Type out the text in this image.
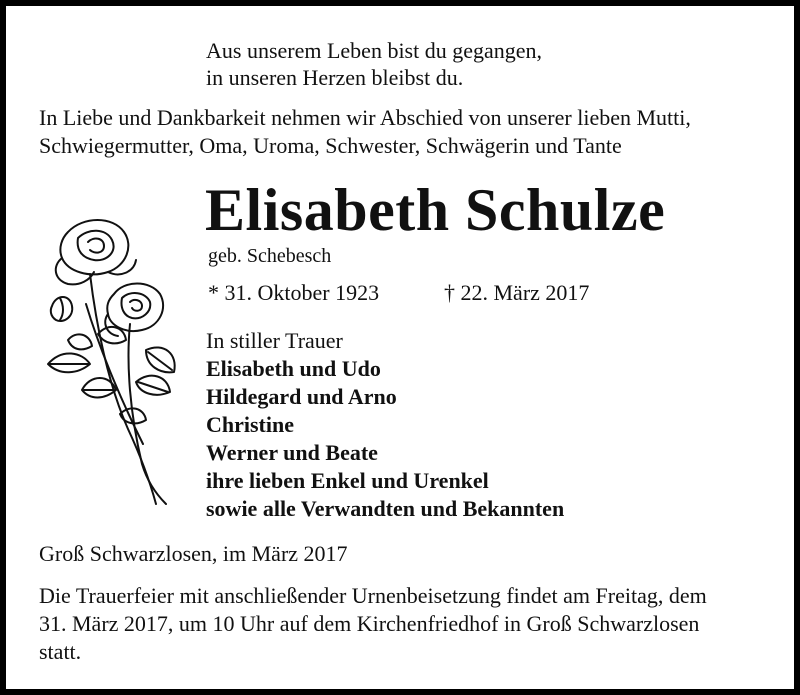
Aus unserem Leben bist du gegangen,
in unseren Herzen bleibst du.
In Liebe und Dankbarkeit nehmen wir Abschied von unserer lieben Mutti,
Schwiegermutter, Oma, Uroma, Schwester, Schwägerin und Tante
Elisabeth Schulze
geb. Schebesch
* 31. Oktober 1923	† 22. März 2017
In stiller Trauer
Elisabeth und Udo
Hildegard und Arno
Christine
Werner und Beate
ihre lieben Enkel und Urenkel
sowie alle Verwandten und Bekannten
Groß Schwarzlosen, im März 2017
Die Trauerfeier mit anschließender Urnenbeisetzung findet am Freitag, dem
31. März 2017, um 10 Uhr auf dem Kirchenfriedhof in Groß Schwarzlosen
statt.
